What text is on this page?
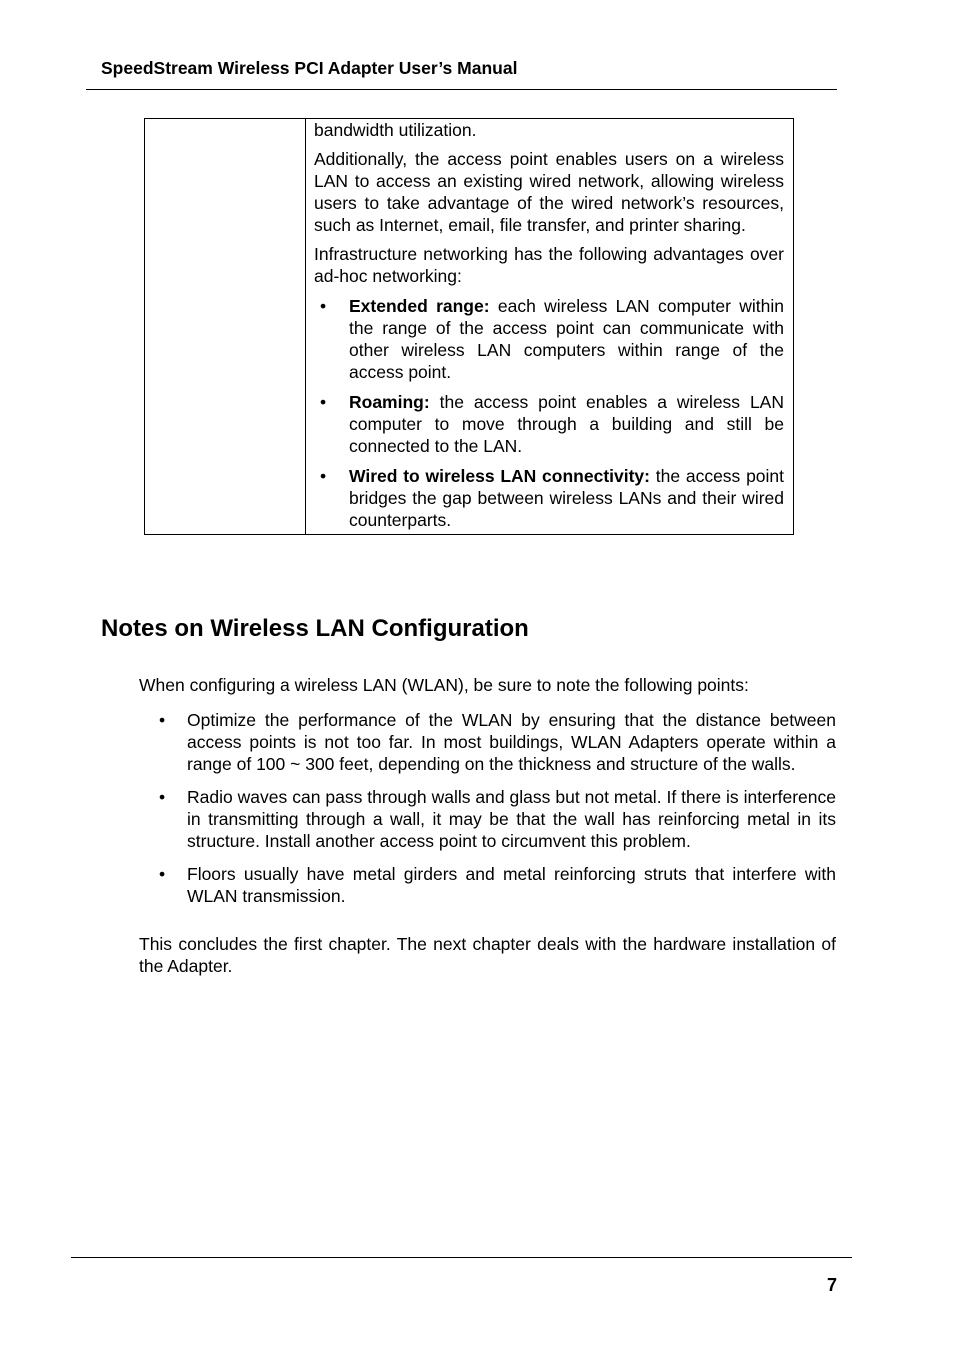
SpeedStream Wireless PCI Adapter User’s Manual

bandwidth utilization.

Additionally, the access point enables users on a wireless LAN to access an existing wired network, allowing wireless users to take advantage of the wired network’s resources, such as Internet, email, file transfer, and printer sharing.

Infrastructure networking has the following advantages over ad-hoc networking:

• Extended range: each wireless LAN computer within the range of the access point can communicate with other wireless LAN computers within range of the access point.
• Roaming: the access point enables a wireless LAN computer to move through a building and still be connected to the LAN.
• Wired to wireless LAN connectivity: the access point bridges the gap between wireless LANs and their wired counterparts.
Notes on Wireless LAN Configuration

When configuring a wireless LAN (WLAN), be sure to note the following points:

• Optimize the performance of the WLAN by ensuring that the distance between access points is not too far. In most buildings, WLAN Adapters operate within a range of 100 ~ 300 feet, depending on the thickness and structure of the walls.
• Radio waves can pass through walls and glass but not metal. If there is interference in transmitting through a wall, it may be that the wall has reinforcing metal in its structure. Install another access point to circumvent this problem.
• Floors usually have metal girders and metal reinforcing struts that interfere with WLAN transmission.

This concludes the first chapter. The next chapter deals with the hardware installation of the Adapter.

7
